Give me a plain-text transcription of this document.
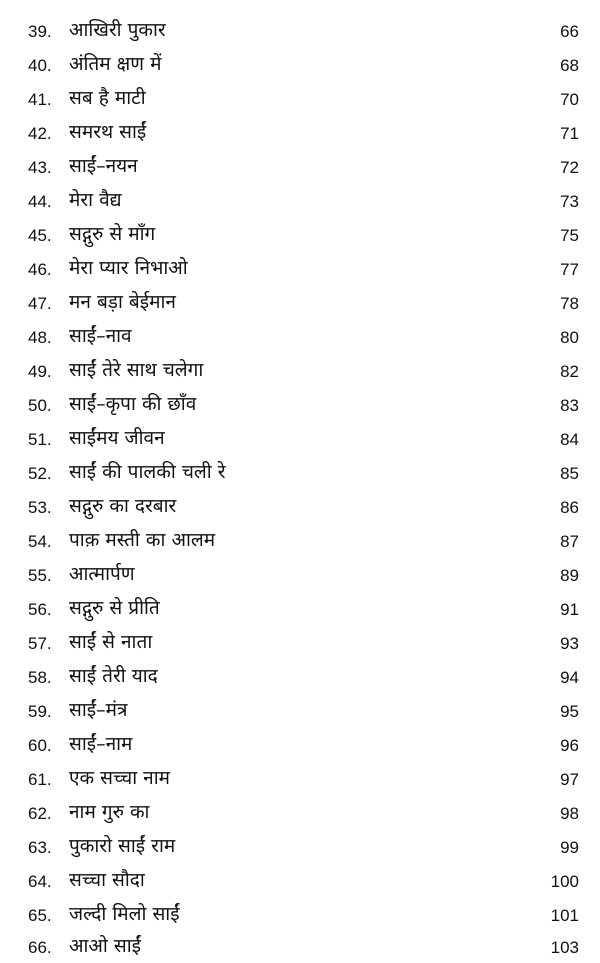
39. आखिरी पुकार	66
40. अंतिम क्षण में	68
41. सब है माटी	70
42. समरथ साईं	71
43. साईं–नयन	72
44. मेरा वैद्य	73
45. सद्गुरु से माँग	75
46. मेरा प्यार निभाओ	77
47. मन बड़ा बेईमान	78
48. साईं–नाव	80
49. साईं तेरे साथ चलेगा	82
50. साईं–कृपा की छाँव	83
51. साईंमय जीवन	84
52. साईं की पालकी चली रे	85
53. सद्गुरु का दरबार	86
54. पाक़ मस्ती का आलम	87
55. आत्मार्पण	89
56. सद्गुरु से प्रीति	91
57. साईं से नाता	93
58. साईं तेरी याद	94
59. साईं–मंत्र	95
60. साईं–नाम	96
61. एक सच्चा नाम	97
62. नाम गुरु का	98
63. पुकारो साईं राम	99
64. सच्चा सौदा	100
65. जल्दी मिलो साईं	101
66. आओ साईं	103
